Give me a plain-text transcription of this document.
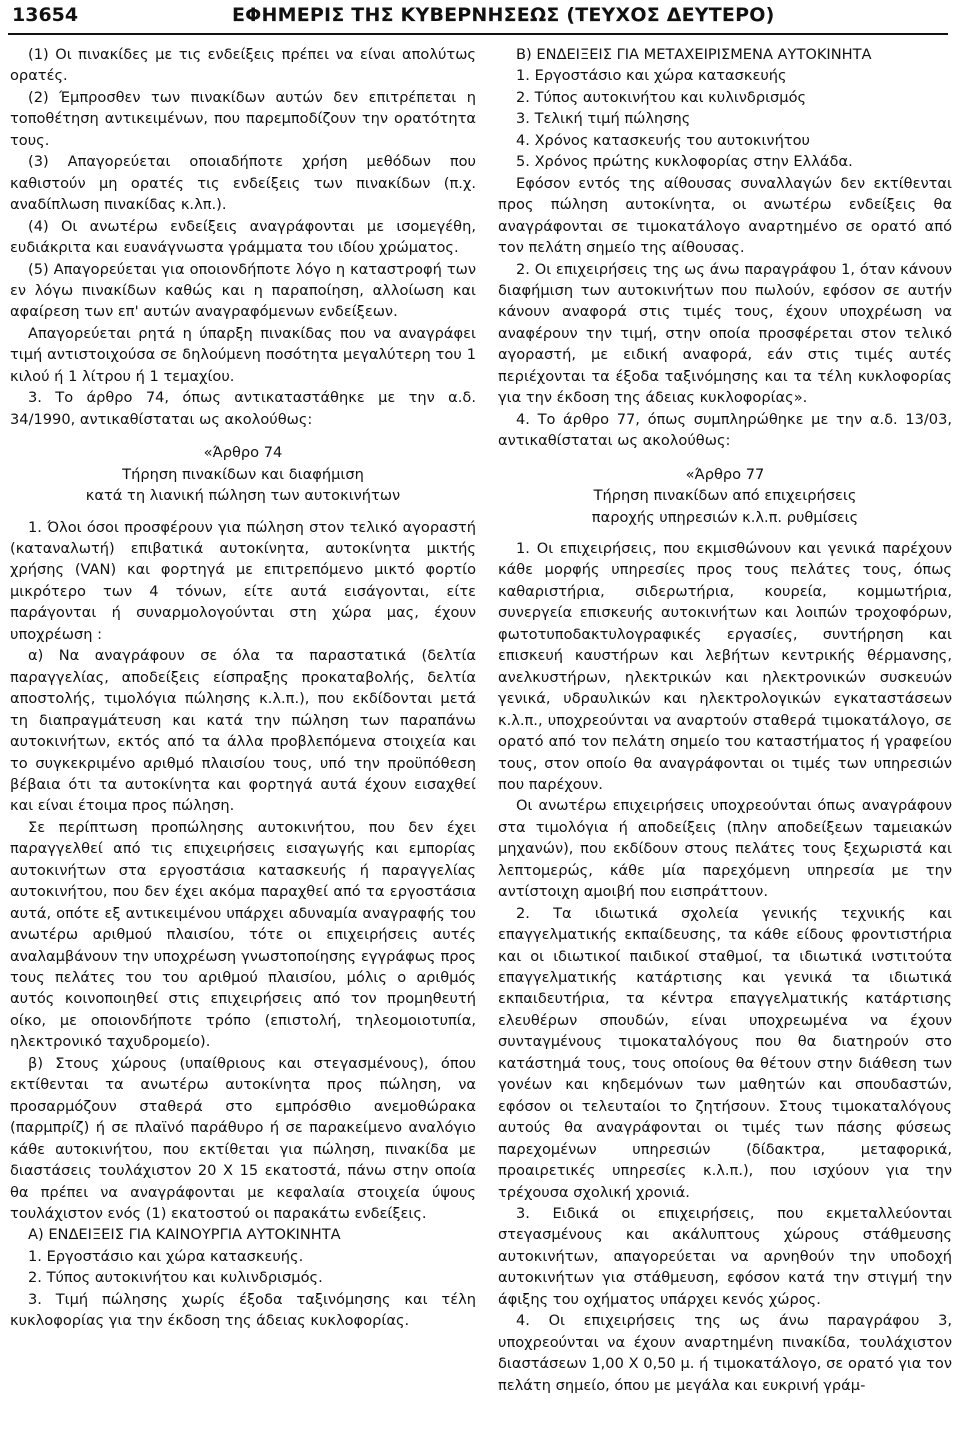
13654	ΕΦΗΜΕΡΙΣ ΤΗΣ ΚΥΒΕΡΝΗΣΕΩΣ (ΤΕΥΧΟΣ ΔΕΥΤΕΡΟ)

(1) Οι πινακίδες με τις ενδείξεις πρέπει να είναι απολύτως ορατές.

(2) Έμπροσθεν των πινακίδων αυτών δεν επιτρέπεται η τοποθέτηση αντικειμένων, που παρεμποδίζουν την ορατότητα τους.

(3) Απαγορεύεται οποιαδήποτε χρήση μεθόδων που καθιστούν μη ορατές τις ενδείξεις των πινακίδων (π.χ. αναδίπλωση πινακίδας κ.λπ.).

(4) Οι ανωτέρω ενδείξεις αναγράφονται με ισομεγέθη, ευδιάκριτα και ευανάγνωστα γράμματα του ιδίου χρώματος.

(5) Απαγορεύεται για οποιονδήποτε λόγο η καταστροφή των εν λόγω πινακίδων καθώς και η παραποίηση, αλλοίωση και αφαίρεση των επ' αυτών αναγραφόμενων ενδείξεων.

Απαγορεύεται ρητά η ύπαρξη πινακίδας που να αναγράφει τιμή αντιστοιχούσα σε δηλούμενη ποσότητα μεγαλύτερη του 1 κιλού ή 1 λίτρου ή 1 τεμαχίου.

3. Το άρθρο 74, όπως αντικαταστάθηκε με την α.δ. 34/1990, αντικαθίσταται ως ακολούθως:

«Άρθρο 74

Τήρηση πινακίδων και διαφήμιση

κατά τη λιανική πώληση των αυτοκινήτων

1. Όλοι όσοι προσφέρουν για πώληση στον τελικό αγοραστή (καταναλωτή) επιβατικά αυτοκίνητα, αυτοκίνητα μικτής χρήσης (VAN) και φορτηγά με επιτρεπόμενο μικτό φορτίο μικρότερο των 4 τόνων, είτε αυτά εισάγονται, είτε παράγονται ή συναρμολογούνται στη χώρα μας, έχουν υποχρέωση :

α) Να αναγράφουν σε όλα τα παραστατικά (δελτία παραγγελίας, αποδείξεις είσπραξης προκαταβολής, δελτία αποστολής, τιμολόγια πώλησης κ.λ.π.), που εκδίδονται μετά τη διαπραγμάτευση και κατά την πώληση των παραπάνω αυτοκινήτων, εκτός από τα άλλα προβλεπόμενα στοιχεία και το συγκεκριμένο αριθμό πλαισίου τους, υπό την προϋπόθεση βέβαια ότι τα αυτοκίνητα και φορτηγά αυτά έχουν εισαχθεί και είναι έτοιμα προς πώληση.

Σε περίπτωση προπώλησης αυτοκινήτου, που δεν έχει παραγγελθεί από τις επιχειρήσεις εισαγωγής και εμπορίας αυτοκινήτων στα εργοστάσια κατασκευής ή παραγγελίας αυτοκινήτου, που δεν έχει ακόμα παραχθεί από τα εργοστάσια αυτά, οπότε εξ αντικειμένου υπάρχει αδυναμία αναγραφής του ανωτέρω αριθμού πλαισίου, τότε οι επιχειρήσεις αυτές αναλαμβάνουν την υποχρέωση γνωστοποίησης εγγράφως προς τους πελάτες του του αριθμού πλαισίου, μόλις ο αριθμός αυτός κοινοποιηθεί στις επιχειρήσεις από τον προμηθευτή οίκο, με οποιονδήποτε τρόπο (επιστολή, τηλεομοιοτυπία, ηλεκτρονικό ταχυδρομείο).

β) Στους χώρους (υπαίθριους και στεγασμένους), όπου εκτίθενται τα ανωτέρω αυτοκίνητα προς πώληση, να προσαρμόζουν σταθερά στο εμπρόσθιο ανεμοθώρακα (παρμπρίζ) ή σε πλαϊνό παράθυρο ή σε παρακείμενο αναλόγιο κάθε αυτοκινήτου, που εκτίθεται για πώληση, πινακίδα με διαστάσεις τουλάχιστον 20 Χ 15 εκατοστά, πάνω στην οποία θα πρέπει να αναγράφονται με κεφαλαία στοιχεία ύψους τουλάχιστον ενός (1) εκατοστού οι παρακάτω ενδείξεις.

Α) ΕΝΔΕΙΞΕΙΣ ΓΙΑ ΚΑΙΝΟΥΡΓΙΑ ΑΥΤΟΚΙΝΗΤΑ

1. Εργοστάσιο και χώρα κατασκευής.

2. Τύπος αυτοκινήτου και κυλινδρισμός.

3. Τιμή πώλησης χωρίς έξοδα ταξινόμησης και τέλη κυκλοφορίας για την έκδοση της άδειας κυκλοφορίας.

Β) ΕΝΔΕΙΞΕΙΣ ΓΙΑ ΜΕΤΑΧΕΙΡΙΣΜΕΝΑ ΑΥΤΟΚΙΝΗΤΑ

1. Εργοστάσιο και χώρα κατασκευής

2. Τύπος αυτοκινήτου και κυλινδρισμός

3. Τελική τιμή πώλησης

4. Χρόνος κατασκευής του αυτοκινήτου

5. Χρόνος πρώτης κυκλοφορίας στην Ελλάδα.

Εφόσον εντός της αίθουσας συναλλαγών δεν εκτίθενται προς πώληση αυτοκίνητα, οι ανωτέρω ενδείξεις θα αναγράφονται σε τιμοκατάλογο αναρτημένο σε ορατό από τον πελάτη σημείο της αίθουσας.

2. Οι επιχειρήσεις της ως άνω παραγράφου 1, όταν κάνουν διαφήμιση των αυτοκινήτων που πωλούν, εφόσον σε αυτήν κάνουν αναφορά στις τιμές τους, έχουν υποχρέωση να αναφέρουν την τιμή, στην οποία προσφέρεται στον τελικό αγοραστή, με ειδική αναφορά, εάν στις τιμές αυτές περιέχονται τα έξοδα ταξινόμησης και τα τέλη κυκλοφορίας για την έκδοση της άδειας κυκλοφορίας».

4. Το άρθρο 77, όπως συμπληρώθηκε με την α.δ. 13/03, αντικαθίσταται ως ακολούθως:

«Άρθρο 77

Τήρηση πινακίδων από επιχειρήσεις

παροχής υπηρεσιών κ.λ.π. ρυθμίσεις

1. Οι επιχειρήσεις, που εκμισθώνουν και γενικά παρέχουν κάθε μορφής υπηρεσίες προς τους πελάτες τους, όπως καθαριστήρια, σιδερωτήρια, κουρεία, κομμωτήρια, συνεργεία επισκευής αυτοκινήτων και λοιπών τροχοφόρων, φωτοτυποδακτυλογραφικές εργασίες, συντήρηση και επισκευή καυστήρων και λεβήτων κεντρικής θέρμανσης, ανελκυστήρων, ηλεκτρικών και ηλεκτρονικών συσκευών γενικά, υδραυλικών και ηλεκτρολογικών εγκαταστάσεων κ.λ.π., υποχρεούνται να αναρτούν σταθερά τιμοκατάλογο, σε ορατό από τον πελάτη σημείο του καταστήματος ή γραφείου τους, στον οποίο θα αναγράφονται οι τιμές των υπηρεσιών που παρέχουν.

Οι ανωτέρω επιχειρήσεις υποχρεούνται όπως αναγράφουν στα τιμολόγια ή αποδείξεις (πλην αποδείξεων ταμειακών μηχανών), που εκδίδουν στους πελάτες τους ξεχωριστά και λεπτομερώς, κάθε μία παρεχόμενη υπηρεσία με την αντίστοιχη αμοιβή που εισπράττουν.

2. Τα ιδιωτικά σχολεία γενικής τεχνικής και επαγγελματικής εκπαίδευσης, τα κάθε είδους φροντιστήρια και οι ιδιωτικοί παιδικοί σταθμοί, τα ιδιωτικά ινστιτούτα επαγγελματικής κατάρτισης και γενικά τα ιδιωτικά εκπαιδευτήρια, τα κέντρα επαγγελματικής κατάρτισης ελευθέρων σπουδών, είναι υποχρεωμένα να έχουν συνταγμένους τιμοκαταλόγους που θα διατηρούν στο κατάστημά τους, τους οποίους θα θέτουν στην διάθεση των γονέων και κηδεμόνων των μαθητών και σπουδαστών, εφόσον οι τελευταίοι το ζητήσουν. Στους τιμοκαταλόγους αυτούς θα αναγράφονται οι τιμές των πάσης φύσεως παρεχομένων υπηρεσιών (δίδακτρα, μεταφορικά, προαιρετικές υπηρεσίες κ.λ.π.), που ισχύουν για την τρέχουσα σχολική χρονιά.

3. Ειδικά οι επιχειρήσεις, που εκμεταλλεύονται στεγασμένους και ακάλυπτους χώρους στάθμευσης αυτοκινήτων, απαγορεύεται να αρνηθούν την υποδοχή αυτοκινήτων για στάθμευση, εφόσον κατά την στιγμή την άφιξης του οχήματος υπάρχει κενός χώρος.

4. Οι επιχειρήσεις της ως άνω παραγράφου 3, υποχρεούνται να έχουν αναρτημένη πινακίδα, τουλάχιστον διαστάσεων 1,00 Χ 0,50 μ. ή τιμοκατάλογο, σε ορατό για τον πελάτη σημείο, όπου με μεγάλα και ευκρινή γράμ-
